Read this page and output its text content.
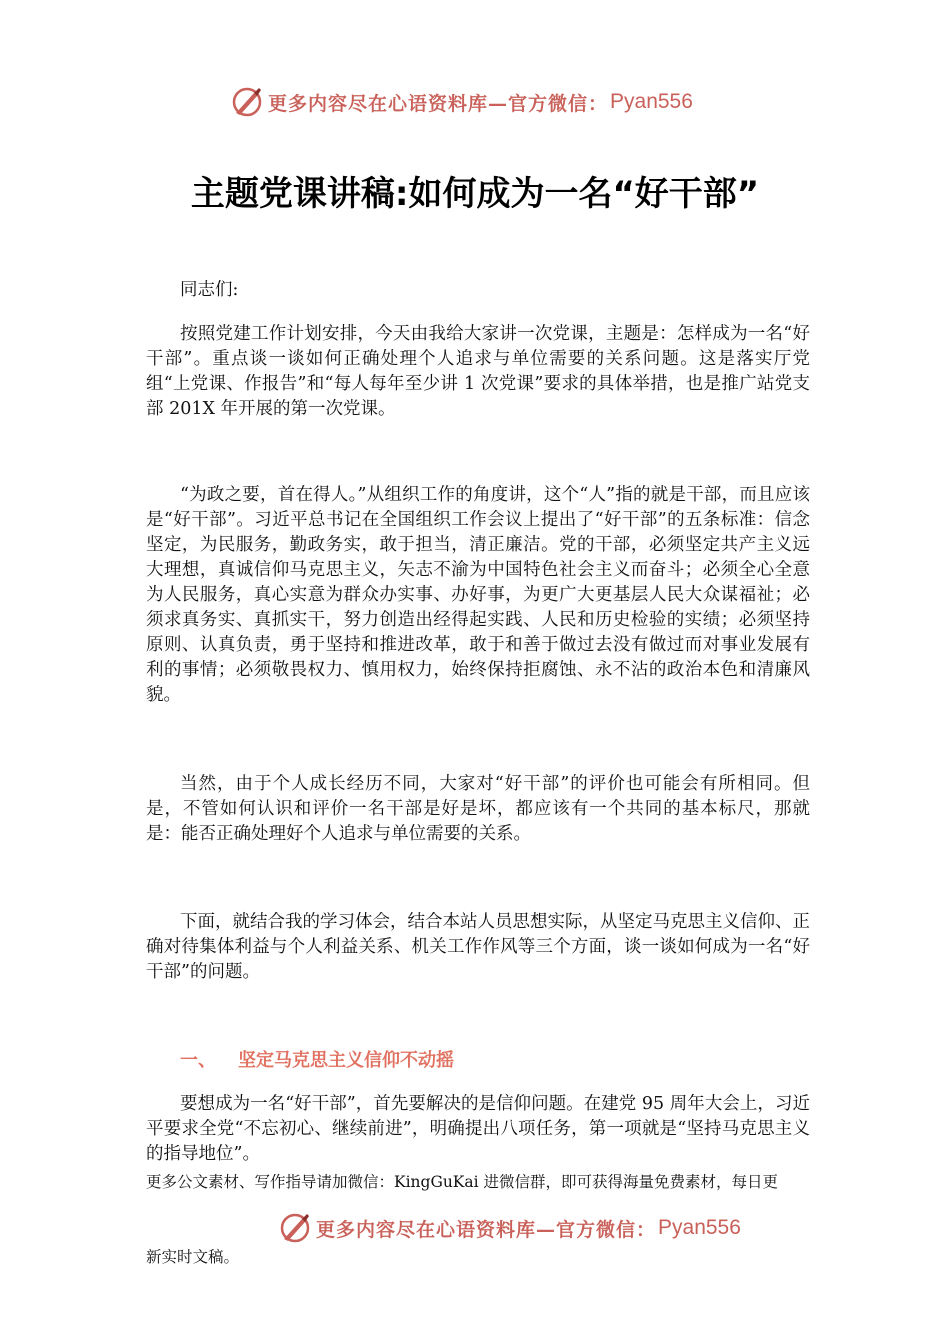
更多内容尽在心语资料库—官方微信： Pyan556
主题党课讲稿:如何成为一名“好干部”

同志们:

按照党建工作计划安排，今天由我给大家讲一次党课，主题是：怎样成为一名“好干部”。重点谈一谈如何正确处理个人追求与单位需要的关系问题。这是落实厅党组“上党课、作报告”和“每人每年至少讲 1 次党课”要求的具体举措，也是推广站党支部 201X 年开展的第一次党课。

“为政之要，首在得人。”从组织工作的角度讲，这个“人”指的就是干部，而且应该是“好干部”。习近平总书记在全国组织工作会议上提出了“好干部”的五条标准：信念坚定，为民服务，勤政务实，敢于担当，清正廉洁。党的干部，必须坚定共产主义远大理想，真诚信仰马克思主义，矢志不渝为中国特色社会主义而奋斗；必须全心全意为人民服务，真心实意为群众办实事、办好事，为更广大更基层人民大众谋福祉；必须求真务实、真抓实干，努力创造出经得起实践、人民和历史检验的实绩；必须坚持原则、认真负责，勇于坚持和推进改革，敢于和善于做过去没有做过而对事业发展有利的事情；必须敬畏权力、慎用权力，始终保持拒腐蚀、永不沾的政治本色和清廉风貌。

当然，由于个人成长经历不同，大家对“好干部”的评价也可能会有所相同。但是，不管如何认识和评价一名干部是好是坏，都应该有一个共同的基本标尺，那就是：能否正确处理好个人追求与单位需要的关系。

下面，就结合我的学习体会，结合本站人员思想实际，从坚定马克思主义信仰、正确对待集体利益与个人利益关系、机关工作作风等三个方面，谈一谈如何成为一名“好干部”的问题。

一、 坚定马克思主义信仰不动摇

要想成为一名“好干部”，首先要解决的是信仰问题。在建党 95 周年大会上，习近平要求全党“不忘初心、继续前进”，明确提出八项任务，第一项就是“坚持马克思主义的指导地位”。

更多公文素材、写作指导请加微信：KingGuKai 进微信群，即可获得海量免费素材，每日更
更多内容尽在心语资料库—官方微信： Pyan556
新实时文稿。
